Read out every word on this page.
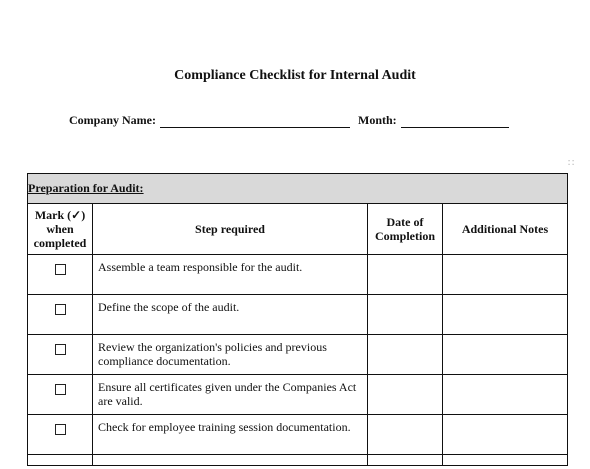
Compliance Checklist for Internal Audit
Company Name:	Month:
∷
Preparation for Audit:			
Mark (✓) when completed	Step required	Date of Completion	Additional Notes

	Assemble a team responsible for the audit.		

	Define the scope of the audit.		

	Review the organization's policies and previous compliance documentation.		

	Ensure all certificates given under the Companies Act are valid.		

	Check for employee training session documentation.		
